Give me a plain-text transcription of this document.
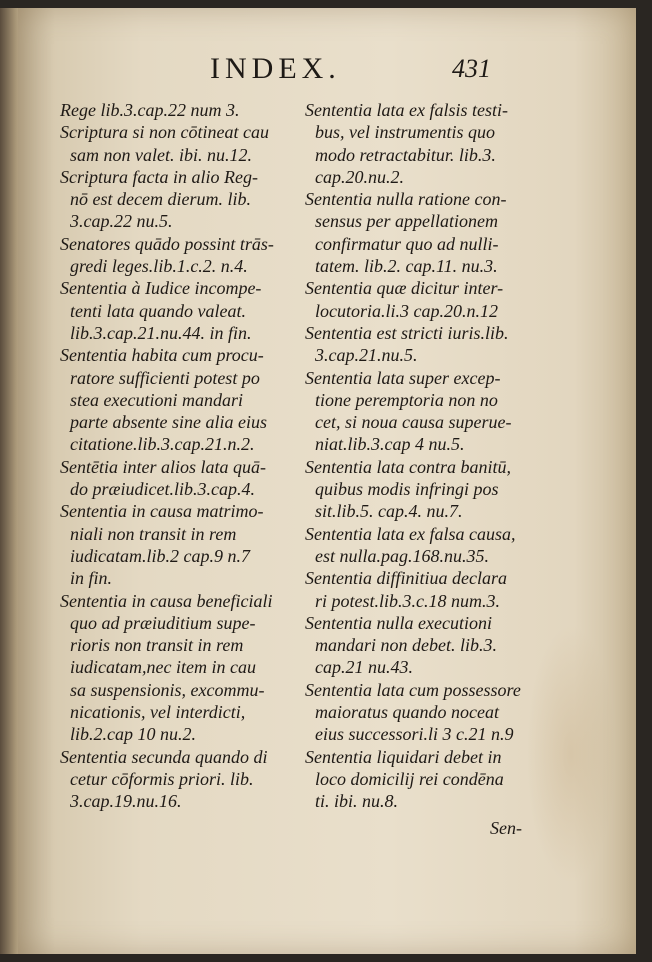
INDEX.	431
Rege lib.3.cap.22 num 3.
Scriptura si non cōtineat cau
sam non valet. ibi. nu.12.
Scriptura facta in alio Reg-
nō est decem dierum. lib.
3.cap.22 nu.5.
Senatores quādo possint trās-
gredi leges.lib.1.c.2. n.4.
Sententia à Iudice incompe-
tenti lata quando valeat.
lib.3.cap.21.nu.44. in fin.
Sententia habita cum procu-
ratore sufficienti potest po
stea executioni mandari
parte absente sine alia eius
citatione.lib.3.cap.21.n.2.
Sentētia inter alios lata quā-
do præiudicet.lib.3.cap.4.
Sententia in causa matrimo-
niali non transit in rem
iudicatam.lib.2 cap.9 n.7
in fin.
Sententia in causa beneficiali
quo ad præiuditium supe-
rioris non transit in rem
iudicatam,nec item in cau
sa suspensionis, excommu-
nicationis, vel interdicti,
lib.2.cap 10 nu.2.
Sententia secunda quando di
cetur cōformis priori. lib.
3.cap.19.nu.16.
Sententia lata ex falsis testi-
bus, vel instrumentis quo
modo retractabitur. lib.3.
cap.20.nu.2.
Sententia nulla ratione con-
sensus per appellationem
confirmatur quo ad nulli-
tatem. lib.2. cap.11. nu.3.
Sententia quæ dicitur inter-
locutoria.li.3 cap.20.n.12
Sententia est stricti iuris.lib.
3.cap.21.nu.5.
Sententia lata super excep-
tione peremptoria non no
cet, si noua causa superue-
niat.lib.3.cap 4 nu.5.
Sententia lata contra banitū,
quibus modis infringi pos
sit.lib.5. cap.4. nu.7.
Sententia lata ex falsa causa,
est nulla.pag.168.nu.35.
Sententia diffinitiua declara
ri potest.lib.3.c.18 num.3.
Sententia nulla executioni
mandari non debet. lib.3.
cap.21 nu.43.
Sententia lata cum possessore
maioratus quando noceat
eius successori.li 3 c.21 n.9
Sententia liquidari debet in
loco domicilij rei condēna
ti. ibi. nu.8.
Sen-
